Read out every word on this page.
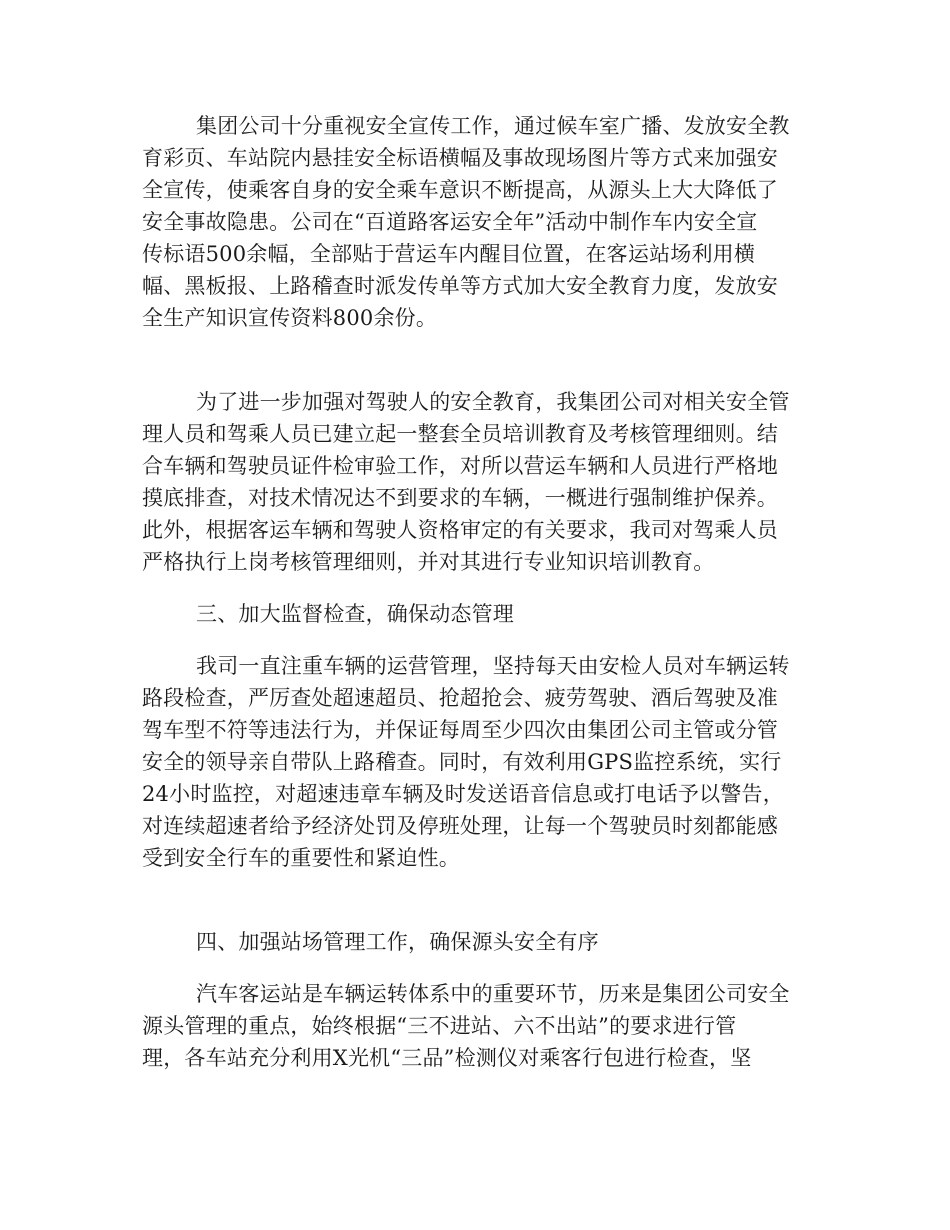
集团公司十分重视安全宣传工作，通过候车室广播、发放安全教
育彩页、车站院内悬挂安全标语横幅及事故现场图片等方式来加强安
全宣传，使乘客自身的安全乘车意识不断提高，从源头上大大降低了
安全事故隐患。公司在“百道路客运安全年”活动中制作车内安全宣
传标语500余幅，全部贴于营运车内醒目位置，在客运站场利用横
幅、黑板报、上路稽查时派发传单等方式加大安全教育力度，发放安
全生产知识宣传资料800余份。
为了进一步加强对驾驶人的安全教育，我集团公司对相关安全管
理人员和驾乘人员已建立起一整套全员培训教育及考核管理细则。结
合车辆和驾驶员证件检审验工作，对所以营运车辆和人员进行严格地
摸底排查，对技术情况达不到要求的车辆，一概进行强制维护保养。
此外，根据客运车辆和驾驶人资格审定的有关要求，我司对驾乘人员
严格执行上岗考核管理细则，并对其进行专业知识培训教育。
三、加大监督检查，确保动态管理
我司一直注重车辆的运营管理，坚持每天由安检人员对车辆运转
路段检查，严厉查处超速超员、抢超抢会、疲劳驾驶、酒后驾驶及准
驾车型不符等违法行为，并保证每周至少四次由集团公司主管或分管
安全的领导亲自带队上路稽查。同时，有效利用GPS监控系统，实行
24小时监控，对超速违章车辆及时发送语音信息或打电话予以警告，
对连续超速者给予经济处罚及停班处理，让每一个驾驶员时刻都能感
受到安全行车的重要性和紧迫性。
四、加强站场管理工作，确保源头安全有序
汽车客运站是车辆运转体系中的重要环节，历来是集团公司安全
源头管理的重点，始终根据“三不进站、六不出站”的要求进行管
理，各车站充分利用X光机“三品”检测仪对乘客行包进行检查，坚
